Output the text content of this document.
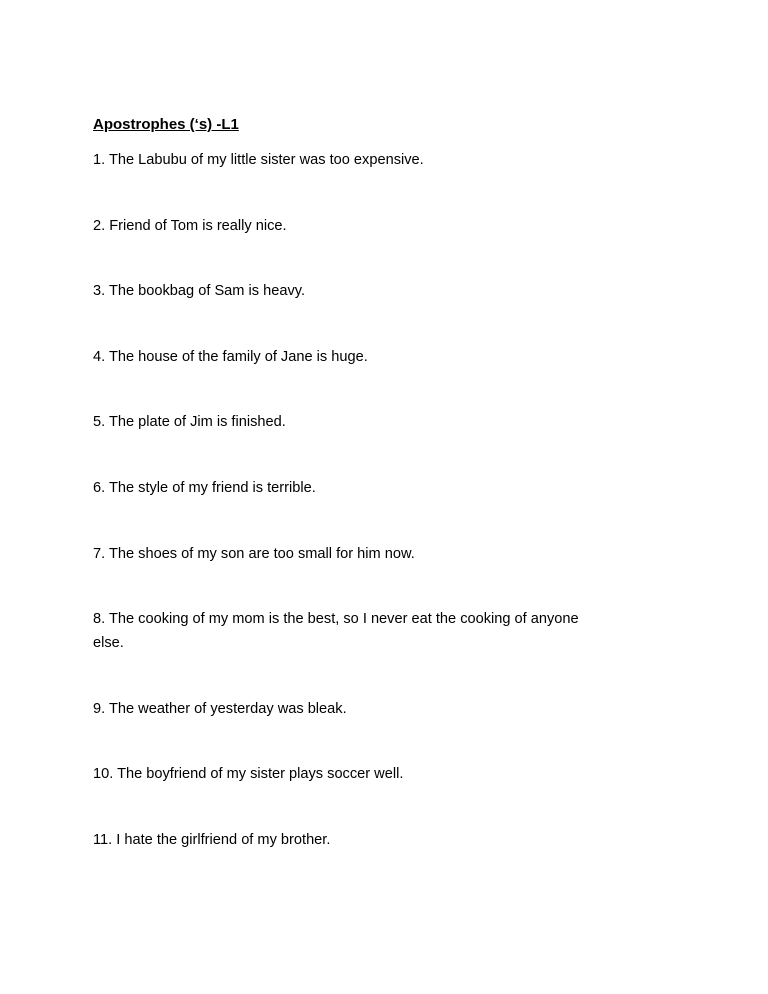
Apostrophes (‘s) -L1
1. The Labubu of my little sister was too expensive.
2. Friend of Tom is really nice.
3. The bookbag of Sam is heavy.
4. The house of the family of Jane is huge.
5. The plate of Jim is finished.
6. The style of my friend is terrible.
7. The shoes of my son are too small for him now.
8. The cooking of my mom is the best, so I never eat the cooking of anyone
else.
9. The weather of yesterday was bleak.
10. The boyfriend of my sister plays soccer well.
11. I hate the girlfriend of my brother.
